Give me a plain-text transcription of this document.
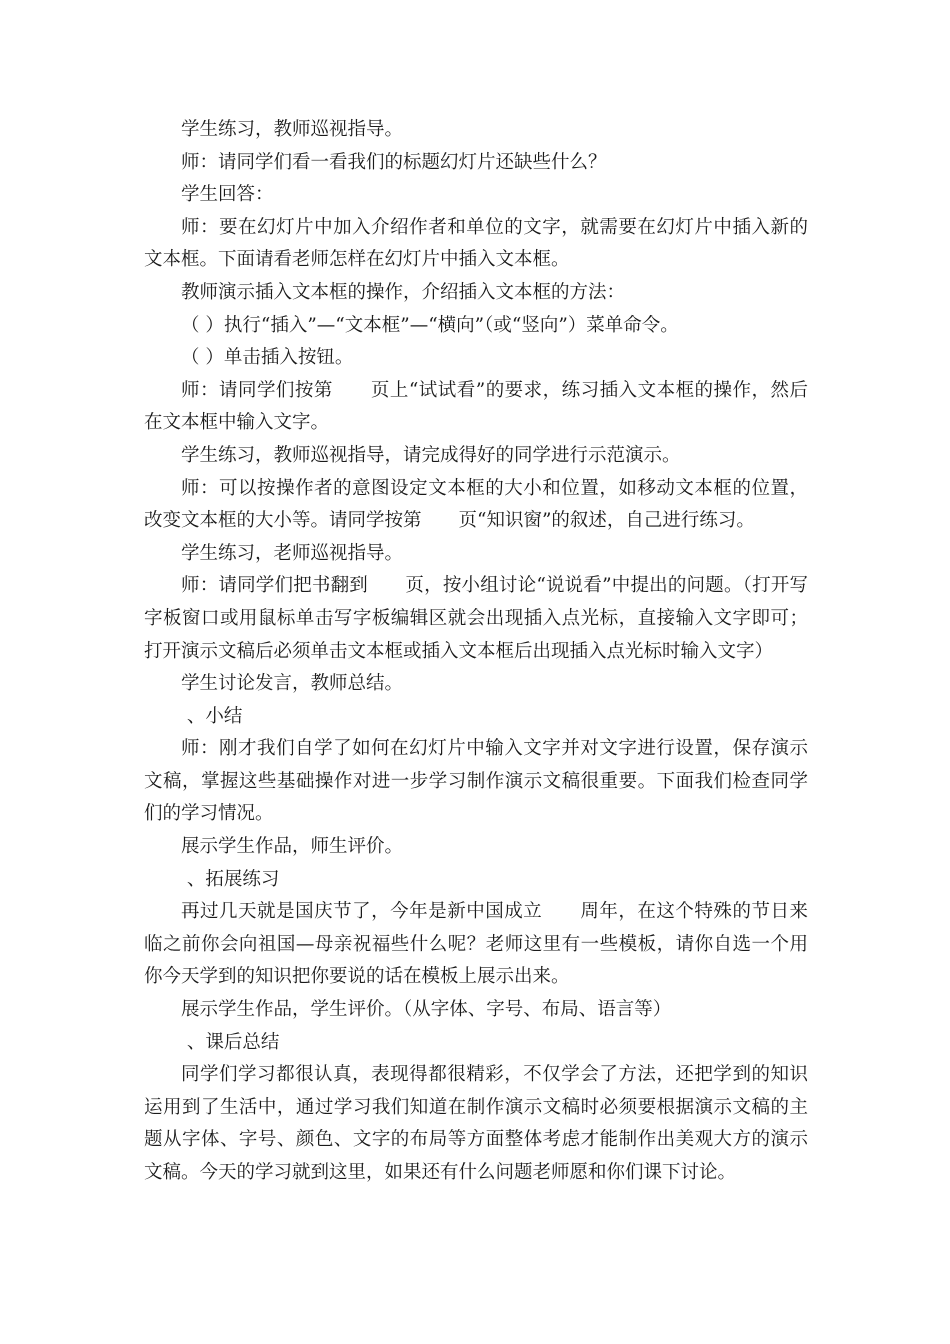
学生练习，教师巡视指导。

师：请同学们看一看我们的标题幻灯片还缺些什么？

学生回答：

师：要在幻灯片中加入介绍作者和单位的文字，就需要在幻灯片中插入新的文本框。下面请看老师怎样在幻灯片中插入文本框。

教师演示插入文本框的操作，介绍插入文本框的方法：

（ ）执行“插入”—“文本框”—“横向”（或“竖向”）菜单命令。

（ ）单击插入按钮。

师：请同学们按第　　页上“试试看”的要求，练习插入文本框的操作，然后在文本框中输入文字。

学生练习，教师巡视指导，请完成得好的同学进行示范演示。

师：可以按操作者的意图设定文本框的大小和位置，如移动文本框的位置，改变文本框的大小等。请同学按第　　页“知识窗”的叙述，自己进行练习。

学生练习，老师巡视指导。

师：请同学们把书翻到　　页，按小组讨论“说说看”中提出的问题。（打开写字板窗口或用鼠标单击写字板编辑区就会出现插入点光标，直接输入文字即可；打开演示文稿后必须单击文本框或插入文本框后出现插入点光标时输入文字）

学生讨论发言，教师总结。

、小结

师：刚才我们自学了如何在幻灯片中输入文字并对文字进行设置，保存演示文稿，掌握这些基础操作对进一步学习制作演示文稿很重要。下面我们检查同学们的学习情况。

展示学生作品，师生评价。

、拓展练习

再过几天就是国庆节了，今年是新中国成立　　周年，在这个特殊的节日来临之前你会向祖国—母亲祝福些什么呢？老师这里有一些模板，请你自选一个用你今天学到的知识把你要说的话在模板上展示出来。

展示学生作品，学生评价。（从字体、字号、布局、语言等）

、课后总结

同学们学习都很认真，表现得都很精彩，不仅学会了方法，还把学到的知识运用到了生活中，通过学习我们知道在制作演示文稿时必须要根据演示文稿的主题从字体、字号、颜色、文字的布局等方面整体考虑才能制作出美观大方的演示文稿。今天的学习就到这里，如果还有什么问题老师愿和你们课下讨论。
